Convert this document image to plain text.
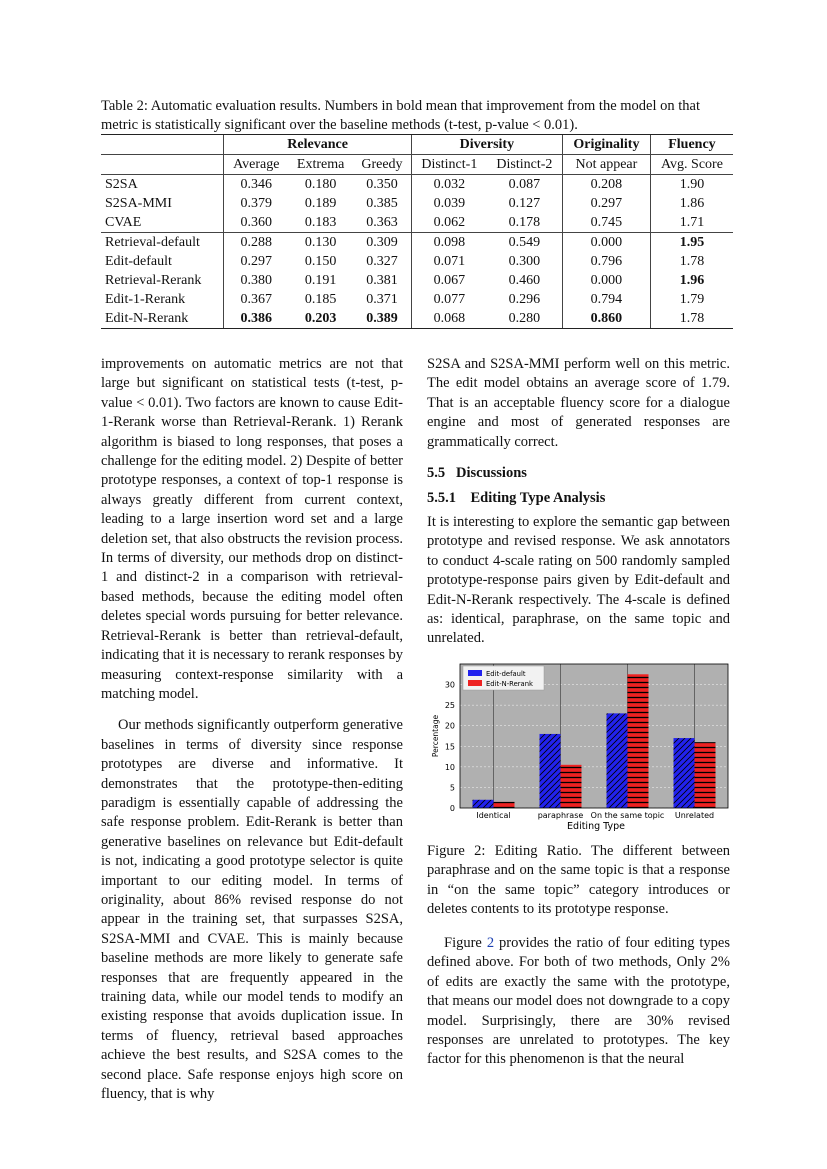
Table 2: Automatic evaluation results. Numbers in bold mean that improvement from the model on that metric is statistically significant over the baseline methods (t-test, p-value < 0.01).
	Relevance			Diversity		Originality	Fluency
	Average	Extrema	Greedy	Distinct-1	Distinct-2	Not appear	Avg. Score
S2SA	0.346	0.180	0.350	0.032	0.087	0.208	1.90
S2SA-MMI	0.379	0.189	0.385	0.039	0.127	0.297	1.86
CVAE	0.360	0.183	0.363	0.062	0.178	0.745	1.71
Retrieval-default	0.288	0.130	0.309	0.098	0.549	0.000	1.95
Edit-default	0.297	0.150	0.327	0.071	0.300	0.796	1.78
Retrieval-Rerank	0.380	0.191	0.381	0.067	0.460	0.000	1.96
Edit-1-Rerank	0.367	0.185	0.371	0.077	0.296	0.794	1.79
Edit-N-Rerank	0.386	0.203	0.389	0.068	0.280	0.860	1.78

improvements on automatic metrics are not that large but significant on statistical tests (t-test, p-value < 0.01). Two factors are known to cause Edit-1-Rerank worse than Retrieval-Rerank. 1) Rerank algorithm is biased to long responses, that poses a challenge for the editing model. 2) Despite of better prototype responses, a context of top-1 response is always greatly different from current context, leading to a large insertion word set and a large deletion set, that also obstructs the revision process. In terms of diversity, our methods drop on distinct-1 and distinct-2 in a comparison with retrieval-based methods, because the editing model often deletes special words pursuing for better relevance. Retrieval-Rerank is better than retrieval-default, indicating that it is necessary to rerank responses by measuring context-response similarity with a matching model.

Our methods significantly outperform generative baselines in terms of diversity since response prototypes are diverse and informative. It demonstrates that the prototype-then-editing paradigm is essentially capable of addressing the safe response problem. Edit-Rerank is better than generative baselines on relevance but Edit-default is not, indicating a good prototype selector is quite important to our editing model. In terms of originality, about 86% revised response do not appear in the training set, that surpasses S2SA, S2SA-MMI and CVAE. This is mainly because baseline methods are more likely to generate safe responses that are frequently appeared in the training data, while our model tends to modify an existing response that avoids duplication issue. In terms of fluency, retrieval based approaches achieve the best results, and S2SA comes to the second place. Safe response enjoys high score on fluency, that is why

S2SA and S2SA-MMI perform well on this metric. The edit model obtains an average score of 1.79. That is an acceptable fluency score for a dialogue engine and most of generated responses are grammatically correct.

5.5 Discussions
5.5.1 Editing Type Analysis

It is interesting to explore the semantic gap between prototype and revised response. We ask annotators to conduct 4-scale rating on 500 randomly sampled prototype-response pairs given by Edit-default and Edit-N-Rerank respectively. The 4-scale is defined as: identical, paraphrase, on the same topic and unrelated.

0
5
10
15
20
25
30
Identical	paraphrase On the same topic Unrelated
Editing Type
Percentage
Edit-default
Edit-N-Rerank
Figure 2: Editing Ratio. The different between paraphrase and on the same topic is that a response in “on the same topic” category introduces or deletes contents to its prototype response.

Figure 2 provides the ratio of four editing types defined above. For both of two methods, Only 2% of edits are exactly the same with the prototype, that means our model does not downgrade to a copy model. Surprisingly, there are 30% revised responses are unrelated to prototypes. The key factor for this phenomenon is that the neural
